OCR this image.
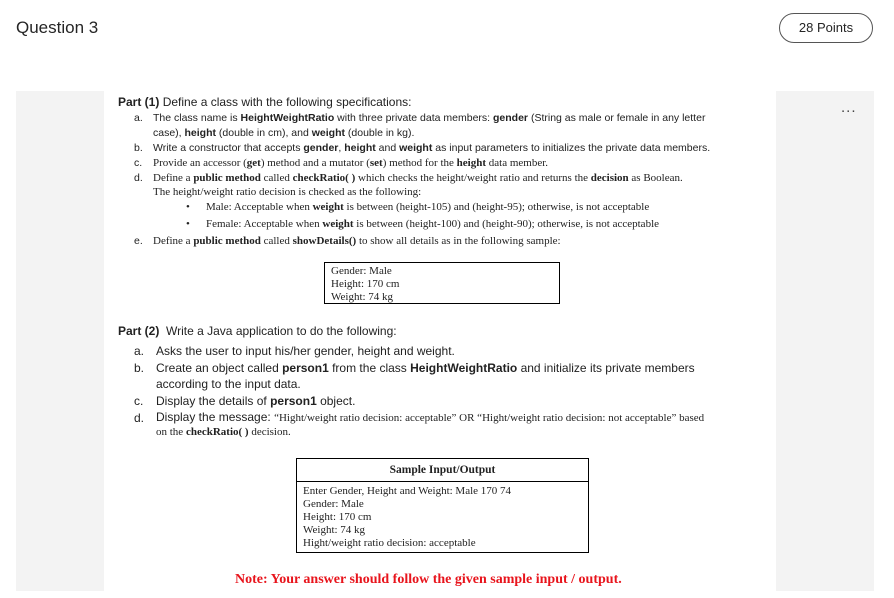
Question 3	28 Points
...
Part (1) Define a class with the following specifications:
a. The class name is HeightWeightRatio with three private data members: gender (String as male or female in any letter
case), height (double in cm), and weight (double in kg).
b. Write a constructor that accepts gender, height and weight as input parameters to initializes the private data members.
c. Provide an accessor (get) method and a mutator (set) method for the height data member.
d. Define a public method called checkRatio( ) which checks the height/weight ratio and returns the decision as Boolean.
The height/weight ratio decision is checked as the following:
• Male: Acceptable when weight is between (height-105) and (height-95); otherwise, is not acceptable
• Female: Acceptable when weight is between (height-100) and (height-90); otherwise, is not acceptable
e. Define a public method called showDetails() to show all details as in the following sample:
Gender: Male
Height: 170 cm
Weight: 74 kg
Part (2) Write a Java application to do the following:
a. Asks the user to input his/her gender, height and weight.
b. Create an object called person1 from the class HeightWeightRatio and initialize its private members
according to the input data.
c. Display the details of person1 object.
d. Display the message: “Hight/weight ratio decision: acceptable” OR “Hight/weight ratio decision: not acceptable” based
on the checkRatio( ) decision.
Sample Input/Output
Enter Gender, Height and Weight: Male 170 74
Gender: Male
Height: 170 cm
Weight: 74 kg
Hight/weight ratio decision: acceptable
Note: Your answer should follow the given sample input / output.
